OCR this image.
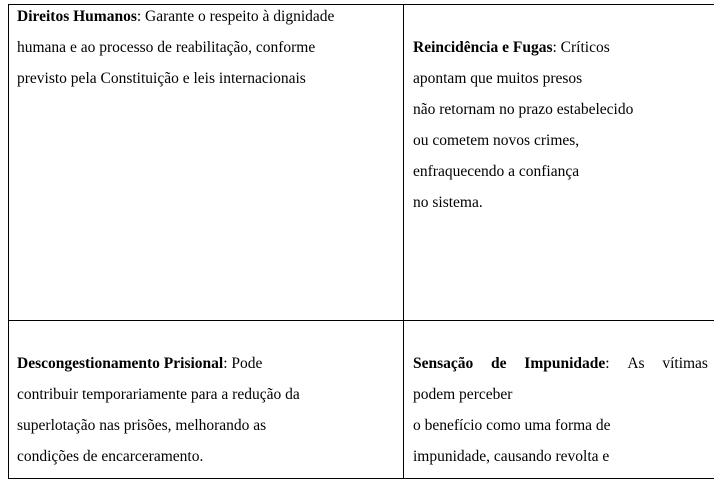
Direitos Humanos: Garante o respeito à dignidade
humana e ao processo de reabilitação, conforme
previsto pela Constituição e leis internacionais
Reincidência e Fugas: Críticos
apontam que muitos presos
não retornam no prazo estabelecido
ou cometem novos crimes,
enfraquecendo a confiança
no sistema.
Descongestionamento Prisional: Pode
contribuir temporariamente para a redução da
superlotação nas prisões, melhorando as
condições de encarceramento.
Sensação de Impunidade: As vítimas
podem perceber
o benefício como uma forma de
impunidade, causando revolta e
